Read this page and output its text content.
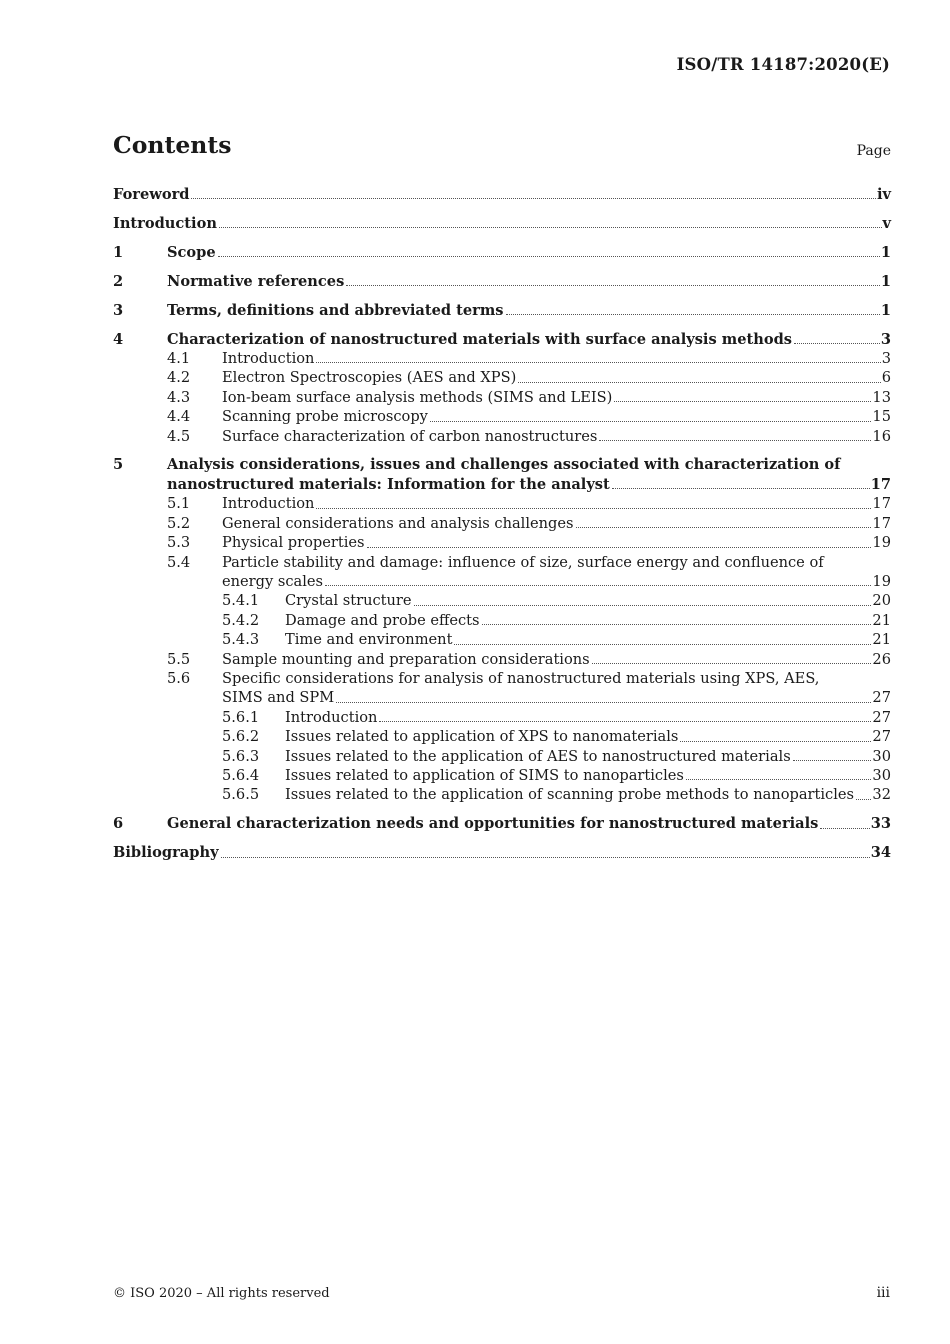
ISO/TR 14187:2020(E)
Contents	Page
Foreword	iv
Introduction	v
1	Scope	1
2	Normative references	1
3	Terms, definitions and abbreviated terms	1
4	Characterization of nanostructured materials with surface analysis methods	3
4.1	Introduction	3
4.2	Electron Spectroscopies (AES and XPS)	6
4.3	Ion-beam surface analysis methods (SIMS and LEIS)	13
4.4	Scanning probe microscopy	15
4.5	Surface characterization of carbon nanostructures	16
5	Analysis considerations, issues and challenges associated with characterization of
nanostructured materials: Information for the analyst	17
5.1	Introduction	17
5.2	General considerations and analysis challenges	17
5.3	Physical properties	19
5.4	Particle stability and damage: influence of size, surface energy and confluence of
energy scales	19
5.4.1	Crystal structure	20
5.4.2	Damage and probe effects	21
5.4.3	Time and environment	21
5.5	Sample mounting and preparation considerations	26
5.6	Specific considerations for analysis of nanostructured materials using XPS, AES,
SIMS and SPM	27
5.6.1	Introduction	27
5.6.2	Issues related to application of XPS to nanomaterials	27
5.6.3	Issues related to the application of AES to nanostructured materials	30
5.6.4	Issues related to application of SIMS to nanoparticles	30
5.6.5	Issues related to the application of scanning probe methods to nanoparticles 32
6	General characterization needs and opportunities for nanostructured materials	33
Bibliography	34
© ISO 2020 – All rights reserved	iii
